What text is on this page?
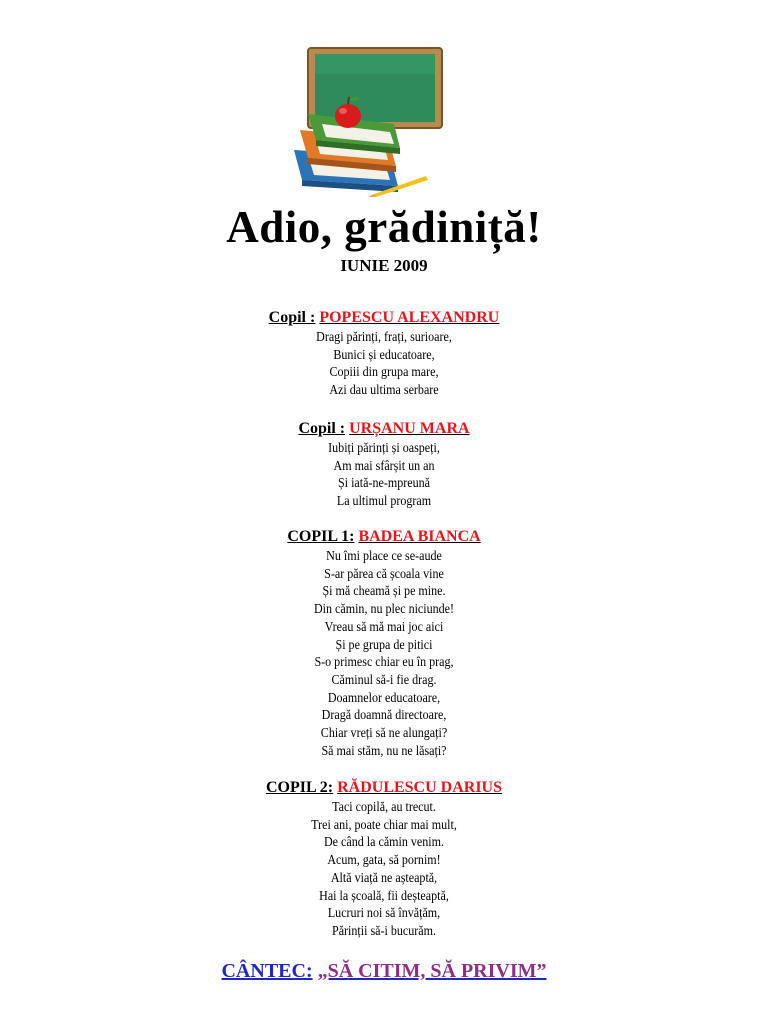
Adio, grădiniță!
IUNIE 2009
Copil : POPESCU ALEXANDRU
Dragi părinți, frați, surioare,
Bunici și educatoare,
Copiii din grupa mare,
Azi dau ultima serbare
Copil : URȘANU MARA
Iubiți părinți și oaspeți,
Am mai sfârșit un an
Și iată-ne-mpreună
La ultimul program
COPIL 1: BADEA BIANCA
Nu îmi place ce se-aude
S-ar părea că școala vine
Și mă cheamă și pe mine.
Din cămin, nu plec niciunde!
Vreau să mă mai joc aici
Și pe grupa de pitici
S-o primesc chiar eu în prag,
Căminul să-i fie drag.
Doamnelor educatoare,
Dragă doamnă directoare,
Chiar vreți să ne alungați?
Să mai stăm, nu ne lăsați?
COPIL 2: RĂDULESCU DARIUS
Taci copilă, au trecut.
Trei ani, poate chiar mai mult,
De când la cămin venim.
Acum, gata, să pornim!
Altă viață ne așteaptă,
Hai la școală, fii deșteaptă,
Lucruri noi să învățăm,
Părinții să-i bucurăm.
CÂNTEC: „SĂ CITIM, SĂ PRIVIM”
